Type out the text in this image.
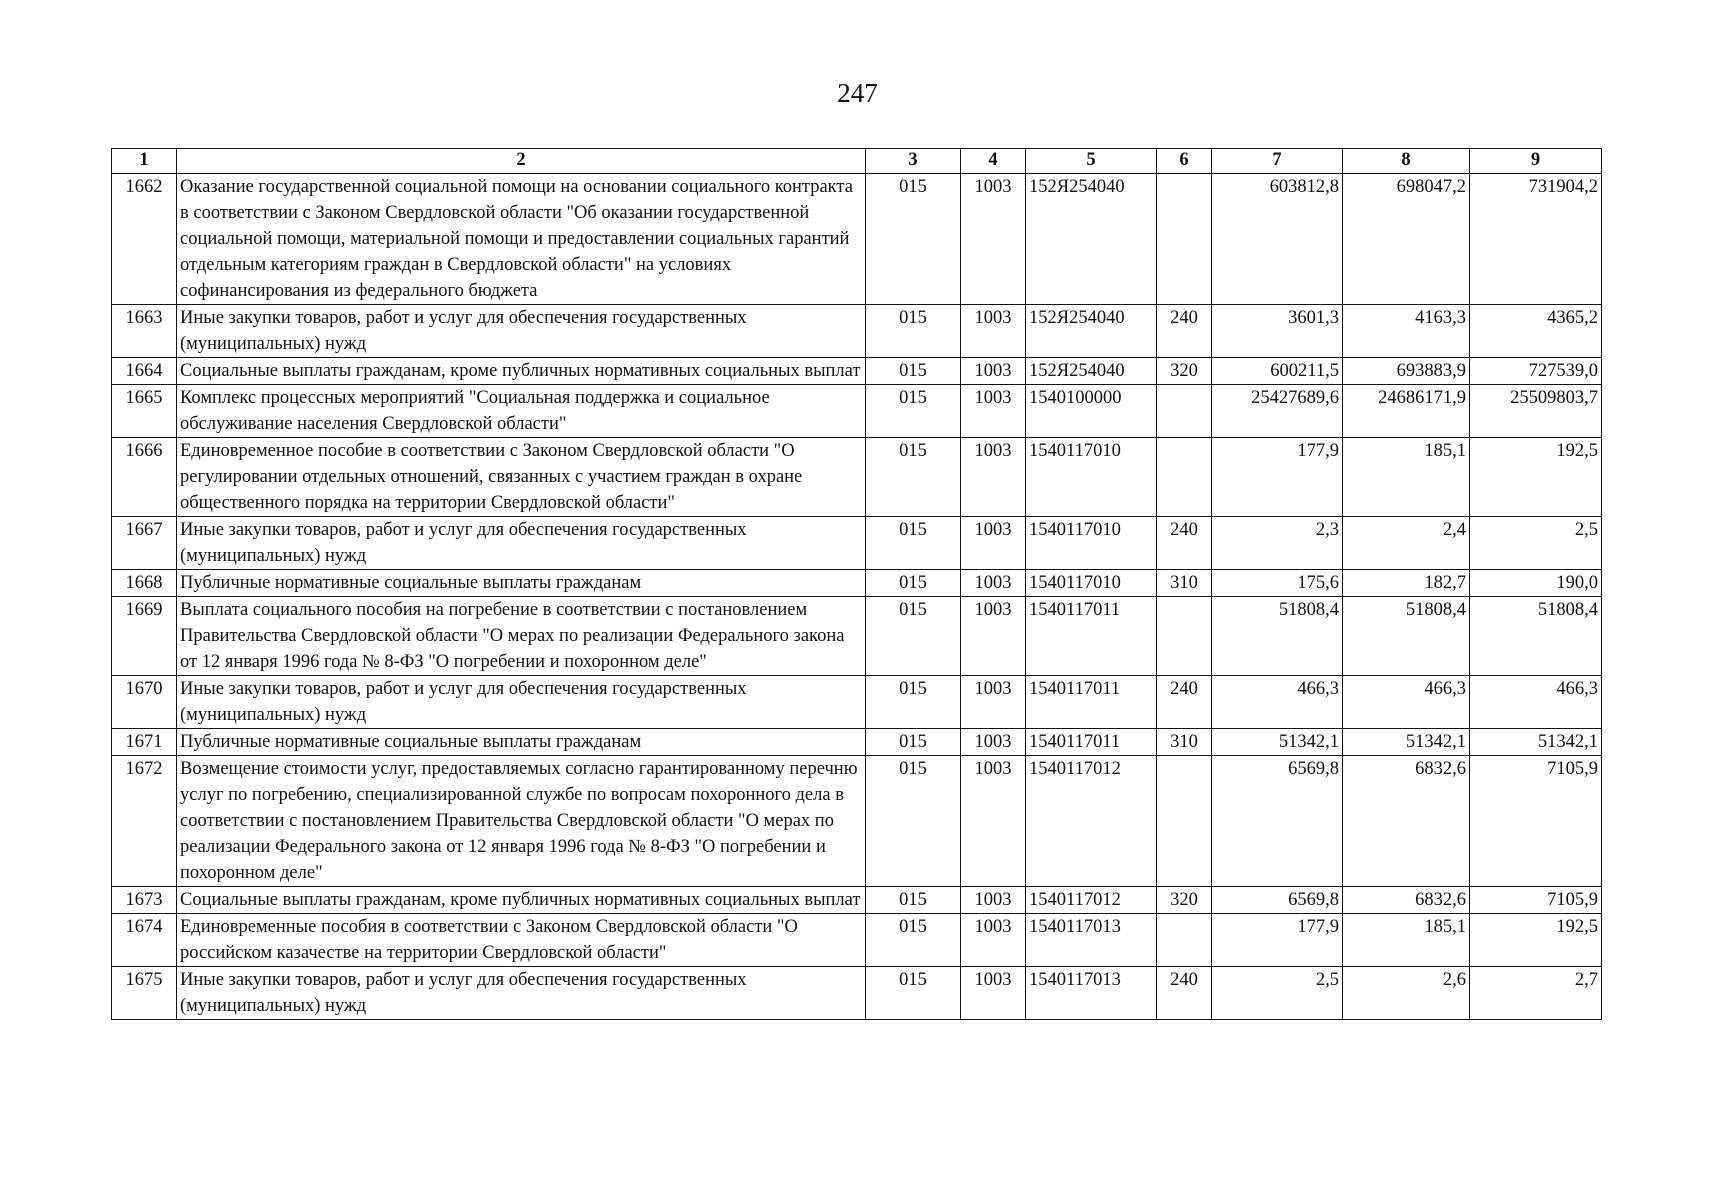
247
1	2	3	4	5	6	7	8	9
1662	Оказание государственной социальной помощи на основании социального контракта в соответствии с Законом Свердловской области "Об оказании государственной социальной помощи, материальной помощи и предоставлении социальных гарантий отдельным категориям граждан в Свердловской области" на условиях софинансирования из федерального бюджета	015	1003	152Я254040		603812,8	698047,2	731904,2
1663	Иные закупки товаров, работ и услуг для обеспечения государственных (муниципальных) нужд	015	1003	152Я254040	240	3601,3	4163,3	4365,2
1664	Социальные выплаты гражданам, кроме публичных нормативных социальных выплат	015	1003	152Я254040	320	600211,5	693883,9	727539,0
1665	Комплекс процессных мероприятий "Социальная поддержка и социальное обслуживание населения Свердловской области"	015	1003	1540100000		25427689,6	24686171,9	25509803,7
1666	Единовременное пособие в соответствии с Законом Свердловской области "О регулировании отдельных отношений, связанных с участием граждан в охране общественного порядка на территории Свердловской области"	015	1003	1540117010		177,9	185,1	192,5
1667	Иные закупки товаров, работ и услуг для обеспечения государственных (муниципальных) нужд	015	1003	1540117010	240	2,3	2,4	2,5
1668	Публичные нормативные социальные выплаты гражданам	015	1003	1540117010	310	175,6	182,7	190,0
1669	Выплата социального пособия на погребение в соответствии с постановлением Правительства Свердловской области "О мерах по реализации Федерального закона от 12 января 1996 года № 8-ФЗ "О погребении и похоронном деле"	015	1003	1540117011		51808,4	51808,4	51808,4
1670	Иные закупки товаров, работ и услуг для обеспечения государственных (муниципальных) нужд	015	1003	1540117011	240	466,3	466,3	466,3
1671	Публичные нормативные социальные выплаты гражданам	015	1003	1540117011	310	51342,1	51342,1	51342,1
1672	Возмещение стоимости услуг, предоставляемых согласно гарантированному перечню услуг по погребению, специализированной службе по вопросам похоронного дела в соответствии с постановлением Правительства Свердловской области "О мерах по реализации Федерального закона от 12 января 1996 года № 8-ФЗ "О погребении и похоронном деле"	015	1003	1540117012		6569,8	6832,6	7105,9
1673	Социальные выплаты гражданам, кроме публичных нормативных социальных выплат	015	1003	1540117012	320	6569,8	6832,6	7105,9
1674	Единовременные пособия в соответствии с Законом Свердловской области "О российском казачестве на территории Свердловской области"	015	1003	1540117013		177,9	185,1	192,5
1675	Иные закупки товаров, работ и услуг для обеспечения государственных (муниципальных) нужд	015	1003	1540117013	240	2,5	2,6	2,7
